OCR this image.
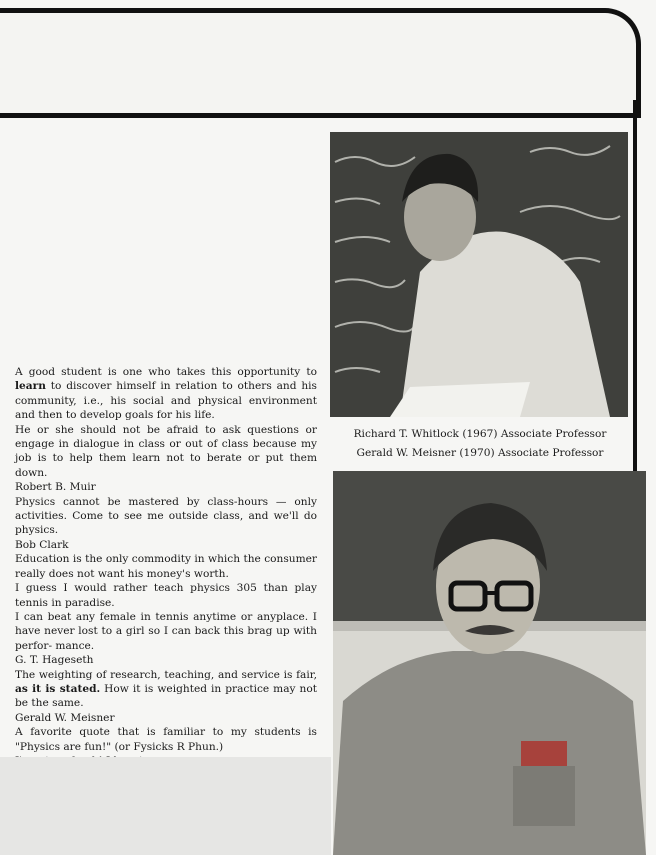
Richard T. Whitlock (1967) Associate Professor
Gerald W. Meisner (1970) Associate Professor

A good student is one who takes this opportunity to learn to discover himself in relation to others and his community, i.e., his social and physical environment and then to develop goals for his life.

He or she should not be afraid to ask questions or engage in dialogue in class or out of class because my job is to help them learn not to berate or put them down.

Robert B. Muir

Physics cannot be mastered by class-hours — only activities. Come to see me outside class, and we'll do physics.

Bob Clark

Education is the only commodity in which the consumer really does not want his money's worth.

I guess I would rather teach physics 305 than play tennis in paradise.

I can beat any female in tennis anytime or anyplace. I have never lost to a girl so I can back this brag up with perfor- mance.

G. T. Hageseth

The weighting of research, teaching, and service is fair, as it is stated. How it is weighted in practice may not be the same.

Gerald W. Meisner

A favorite quote that is familiar to my students is "Physics are fun!" (or Fysicks R Phun.)
